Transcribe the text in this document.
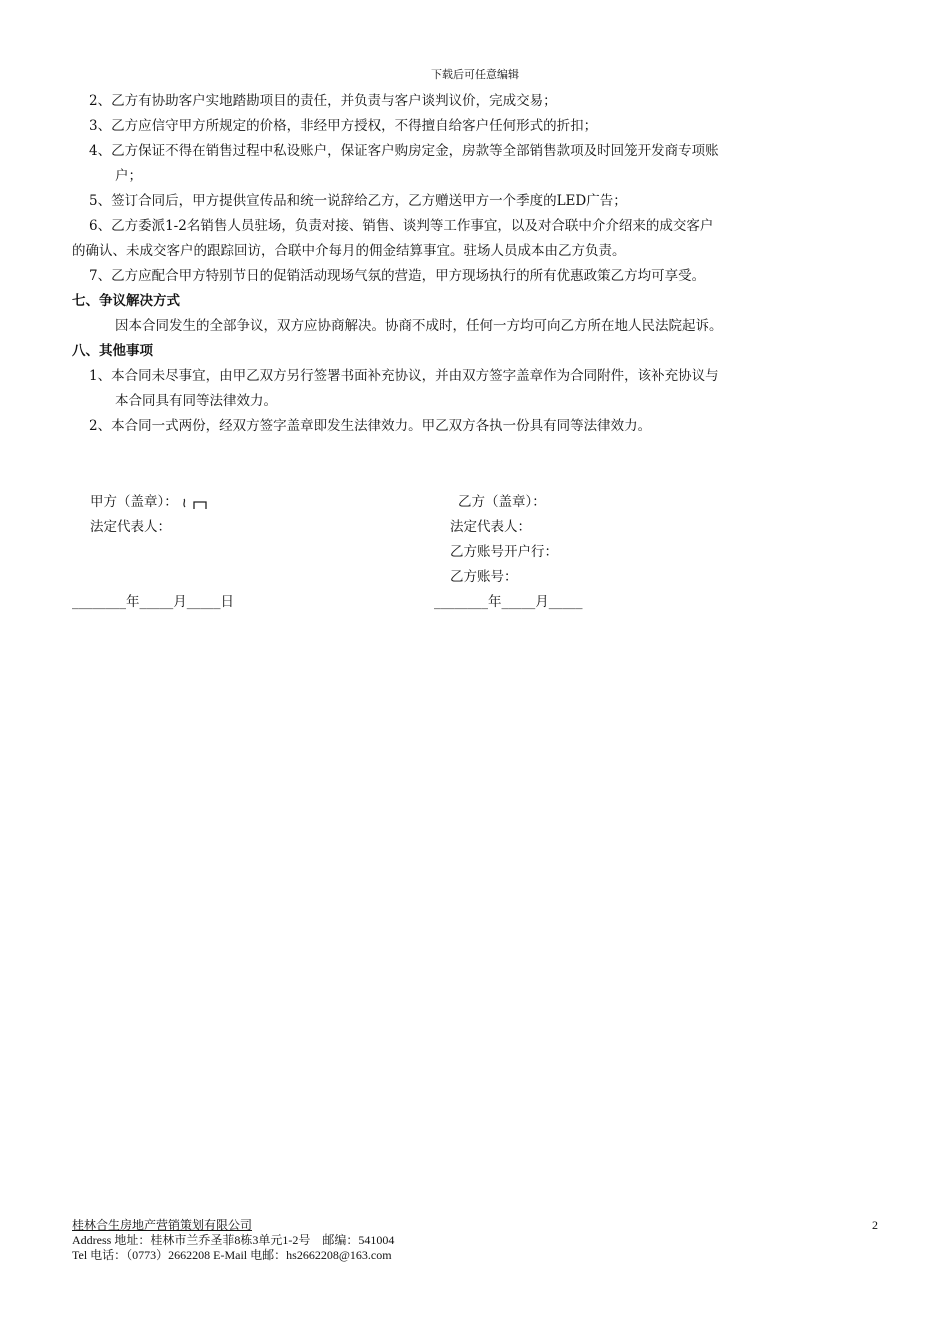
下载后可任意编辑
2、乙方有协助客户实地踏勘项目的责任，并负责与客户谈判议价，完成交易；
3、乙方应信守甲方所规定的价格，非经甲方授权，不得擅自给客户任何形式的折扣；
4、乙方保证不得在销售过程中私设账户，保证客户购房定金，房款等全部销售款项及时回笼开发商专项账
户；
5、签订合同后，甲方提供宣传品和统一说辞给乙方，乙方赠送甲方一个季度的LED广告；
6、乙方委派1-2名销售人员驻场，负责对接、销售、谈判等工作事宜，以及对合联中介介绍来的成交客户
的确认、未成交客户的跟踪回访，合联中介每月的佣金结算事宜。驻场人员成本由乙方负责。
7、乙方应配合甲方特别节日的促销活动现场气氛的营造，甲方现场执行的所有优惠政策乙方均可享受。
七、争议解决方式
因本合同发生的全部争议，双方应协商解决。协商不成时，任何一方均可向乙方所在地人民法院起诉。
八、其他事项
1、本合同未尽事宜，由甲乙双方另行签署书面补充协议，并由双方签字盖章作为合同附件，该补充协议与
本合同具有同等法律效力。
2、本合同一式两份，经双方签字盖章即发生法律效力。甲乙双方各执一份具有同等法律效力。
甲方（盖章）：
法定代表人：
________年_____月_____日
乙方（盖章）：
法定代表人：
乙方账号开户行：
乙方账号：
________年_____月_____
桂林合生房地产营销策划有限公司
Address 地址：桂林市兰乔圣菲8栋3单元1-2号　邮编：541004
Tel 电话：（0773）2662208 E-Mail 电邮：hs2662208@163.com
2
